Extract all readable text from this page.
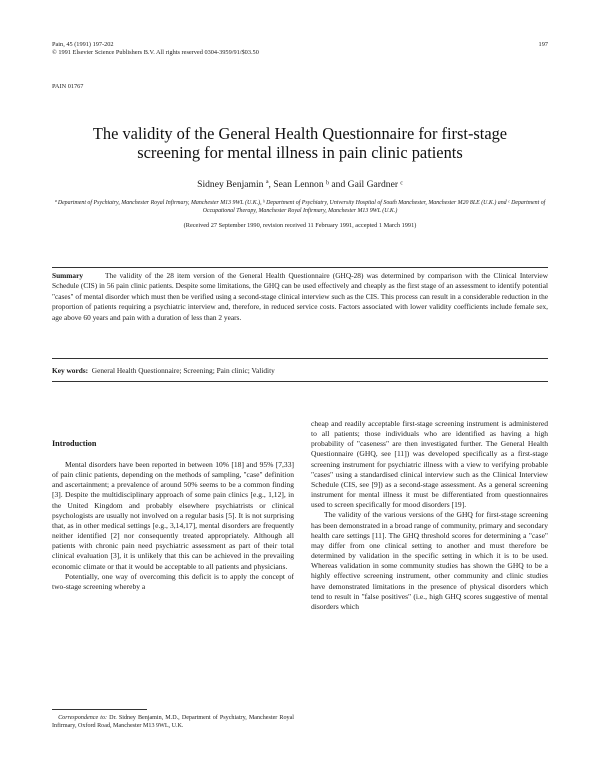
Pain, 45 (1991) 197-202
© 1991 Elsevier Science Publishers B.V. All rights reserved 0304-3959/91/$03.50
197
PAIN 01767
The validity of the General Health Questionnaire for first-stage screening for mental illness in pain clinic patients
Sidney Benjamin ª, Sean Lennon ᵇ and Gail Gardner ᶜ
ª Department of Psychiatry, Manchester Royal Infirmary, Manchester M13 9WL (U.K.), ᵇ Department of Psychiatry, University Hospital of South Manchester, Manchester M20 8LE (U.K.) and ᶜ Department of Occupational Therapy, Manchester Royal Infirmary, Manchester M13 9WL (U.K.)
(Received 27 September 1990, revision received 11 February 1991, accepted 1 March 1991)
Summary   	The validity of the 28 item version of the General Health Questionnaire (GHQ-28) was determined by comparison with the Clinical Interview Schedule (CIS) in 56 pain clinic patients. Despite some limitations, the GHQ can be used effectively and cheaply as the first stage of an assessment to identify potential "cases" of mental disorder which must then be verified using a second-stage clinical interview such as the CIS. This process can result in a considerable reduction in the proportion of patients requiring a psychiatric interview and, therefore, in reduced service costs. Factors associated with lower validity coefficients include female sex, age above 60 years and pain with a duration of less than 2 years.
Key words: General Health Questionnaire; Screening; Pain clinic; Validity
Introduction

Mental disorders have been reported in between 10% [18] and 95% [7,33] of pain clinic patients, depending on the methods of sampling, "case" definition and ascertainment; a prevalence of around 50% seems to be a common finding [3]. Despite the multidisciplinary approach of some pain clinics [e.g., 1,12], in the United Kingdom and probably elsewhere psychiatrists or clinical psychologists are usually not involved on a regular basis [5]. It is not surprising that, as in other medical settings [e.g., 3,14,17], mental disorders are frequently neither identified [2] nor consequently treated appropriately. Although all patients with chronic pain need psychiatric assessment as part of their total clinical evaluation [3], it is unlikely that this can be achieved in the prevailing economic climate or that it would be acceptable to all patients and physicians.

Potentially, one way of overcoming this deficit is to apply the concept of two-stage screening whereby a

 Correspondence to: Dr. Sidney Benjamin, M.D., Department of Psychiatry, Manchester Royal Infirmary, Oxford Road, Manchester M13 9WL, U.K.

cheap and readily acceptable first-stage screening instrument is administered to all patients; those individuals who are identified as having a high probability of "caseness" are then investigated further. The General Health Questionnaire (GHQ, see [11]) was developed specifically as a first-stage screening instrument for psychiatric illness with a view to verifying probable "cases" using a standardised clinical interview such as the Clinical Interview Schedule (CIS, see [9]) as a second-stage assessment. As a general screening instrument for mental illness it must be differentiated from questionnaires used to screen specifically for mood disorders [19].

The validity of the various versions of the GHQ for first-stage screening has been demonstrated in a broad range of community, primary and secondary health care settings [11]. The GHQ threshold scores for determining a "case" may differ from one clinical setting to another and must therefore be determined by validation in the specific setting in which it is to be used. Whereas validation in some community studies has shown the GHQ to be a highly effective screening instrument, other community and clinic studies have demonstrated limitations in the presence of physical disorders which tend to result in "false positives" (i.e., high GHQ scores suggestive of mental disorders which
